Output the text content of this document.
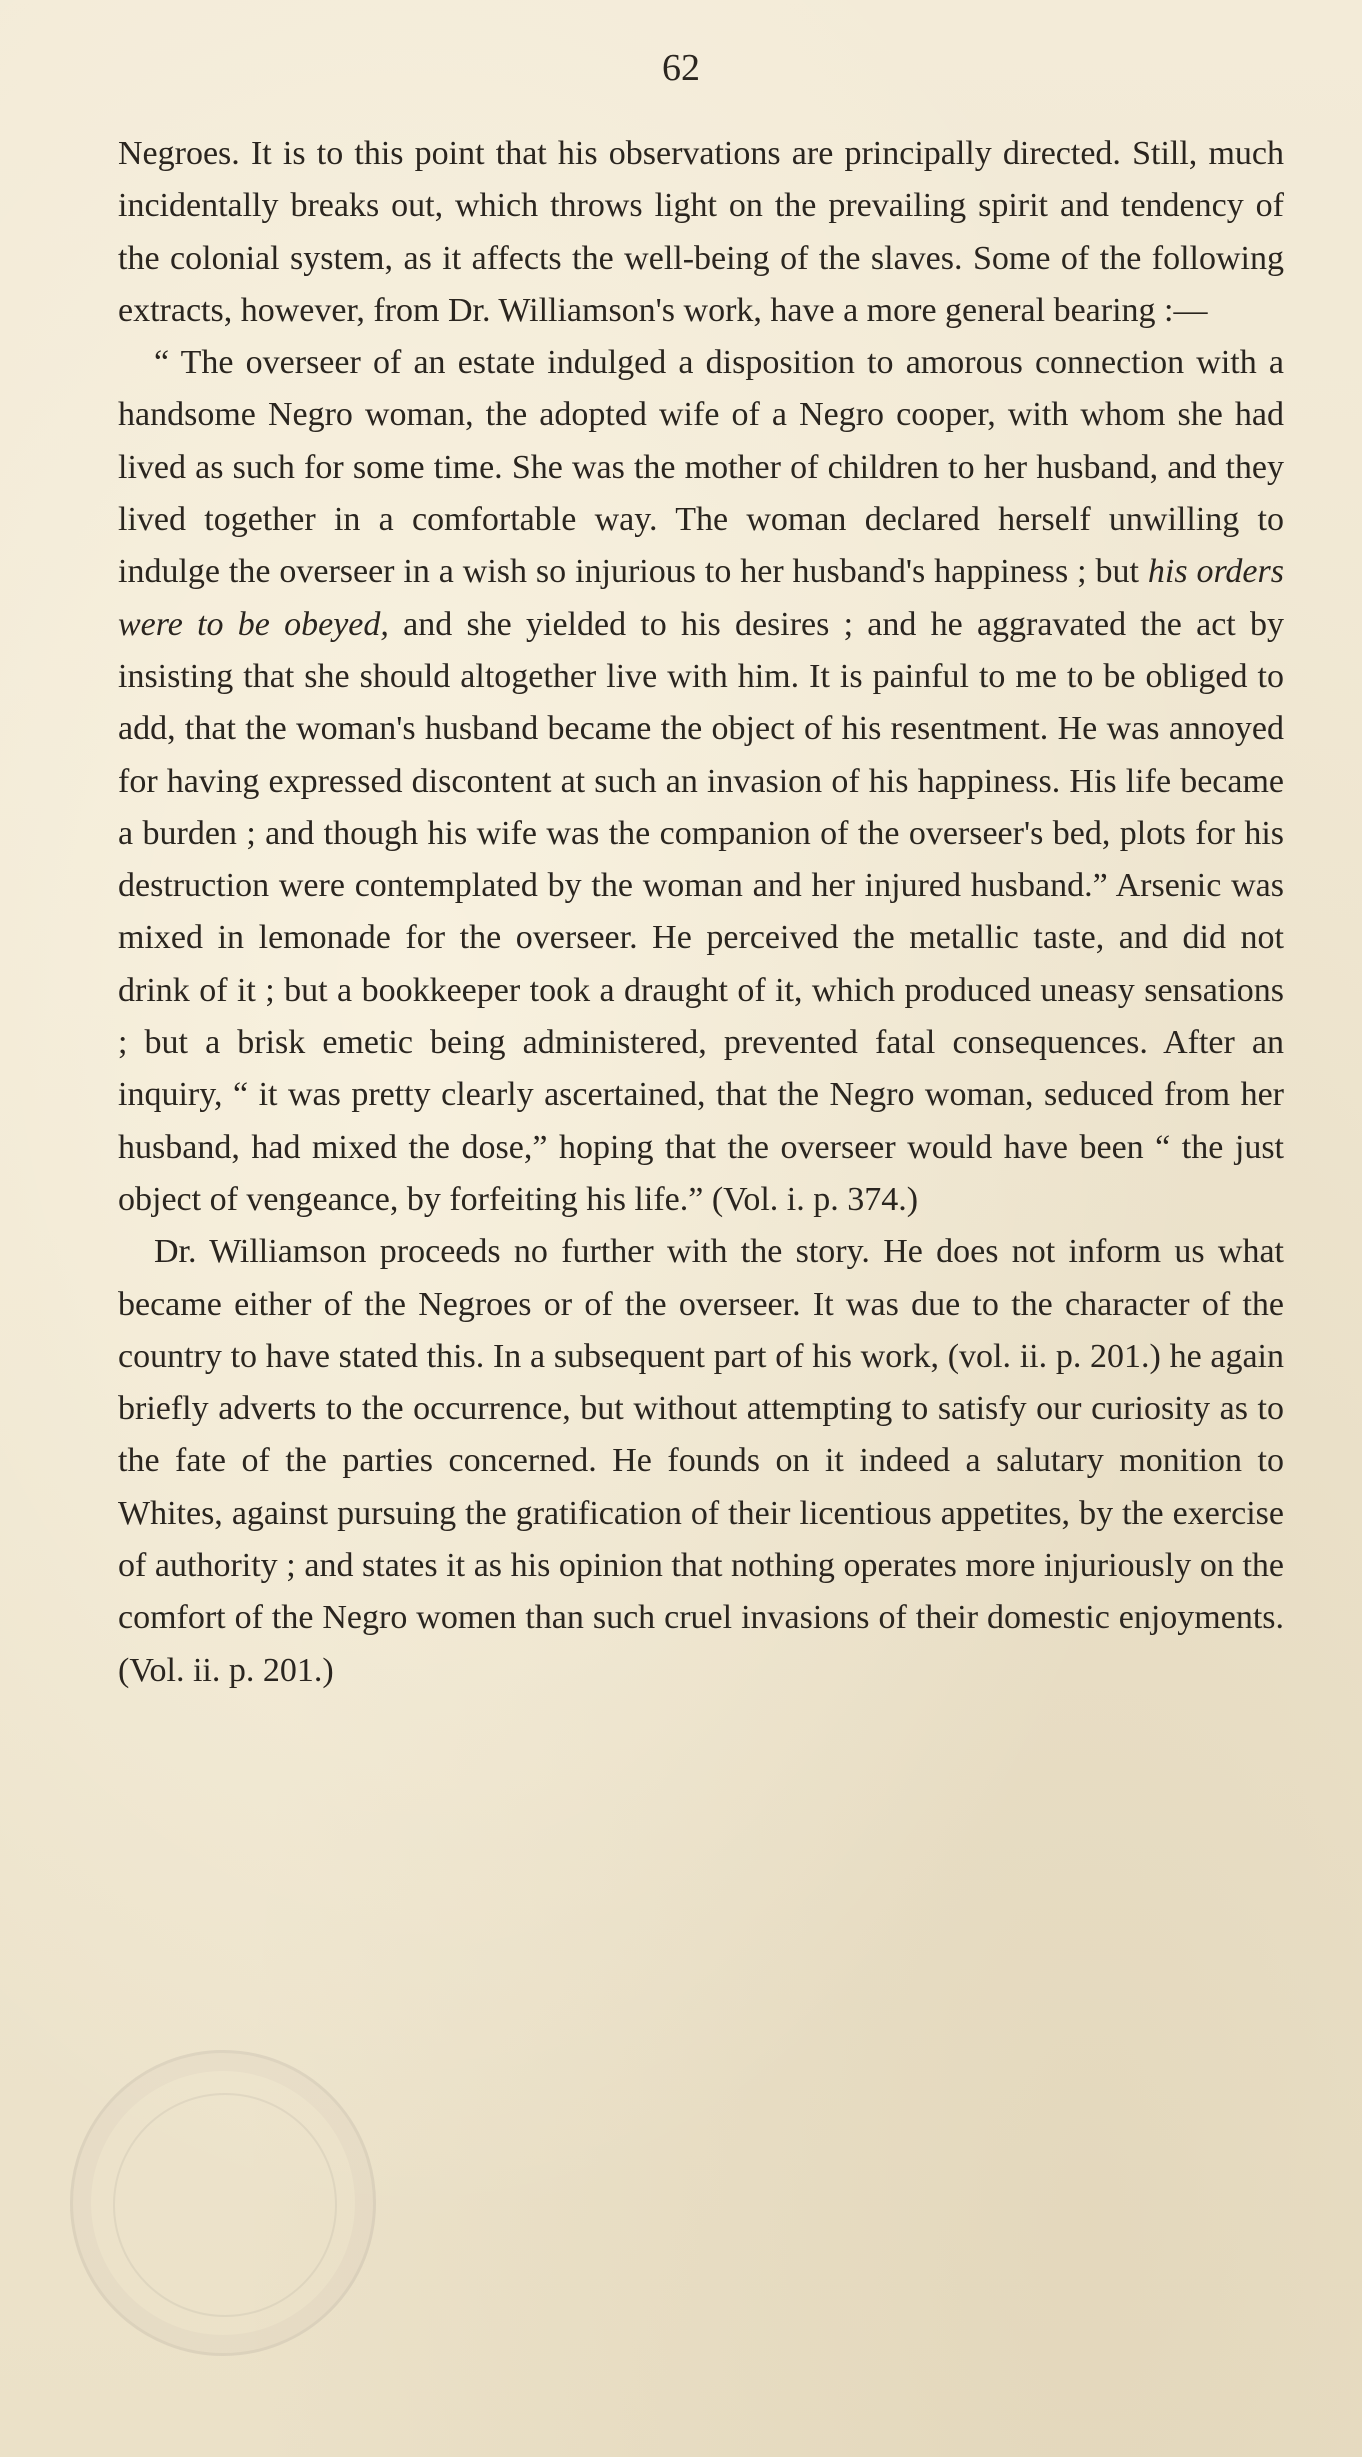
62

Negroes. It is to this point that his observations are principally directed. Still, much incidentally breaks out, which throws light on the prevailing spirit and tendency of the colonial system, as it affects the well-being of the slaves. Some of the following extracts, however, from Dr. Williamson's work, have a more general bearing :—

“ The overseer of an estate indulged a disposition to amorous connection with a handsome Negro woman, the adopted wife of a Negro cooper, with whom she had lived as such for some time. She was the mother of children to her husband, and they lived together in a comfortable way. The woman declared herself unwilling to indulge the overseer in a wish so injurious to her husband's happiness ; but his orders were to be obeyed, and she yielded to his desires ; and he aggravated the act by insisting that she should altogether live with him. It is painful to me to be obliged to add, that the woman's husband became the object of his resentment. He was annoyed for having expressed discontent at such an invasion of his happiness. His life became a burden ; and though his wife was the companion of the overseer's bed, plots for his destruction were contemplated by the woman and her injured husband.” Arsenic was mixed in lemonade for the overseer. He perceived the metallic taste, and did not drink of it ; but a bookkeeper took a draught of it, which produced uneasy sensations ; but a brisk emetic being administered, prevented fatal consequences. After an inquiry, “ it was pretty clearly ascertained, that the Negro woman, seduced from her husband, had mixed the dose,” hoping that the overseer would have been “ the just object of vengeance, by forfeiting his life.” (Vol. i. p. 374.)

Dr. Williamson proceeds no further with the story. He does not inform us what became either of the Negroes or of the overseer. It was due to the character of the country to have stated this. In a subsequent part of his work, (vol. ii. p. 201.) he again briefly adverts to the occurrence, but without attempting to satisfy our curiosity as to the fate of the parties concerned. He founds on it indeed a salutary monition to Whites, against pursuing the gratification of their licentious appetites, by the exercise of authority ; and states it as his opinion that nothing operates more injuriously on the comfort of the Negro women than such cruel invasions of their domestic enjoyments. (Vol. ii. p. 201.)
